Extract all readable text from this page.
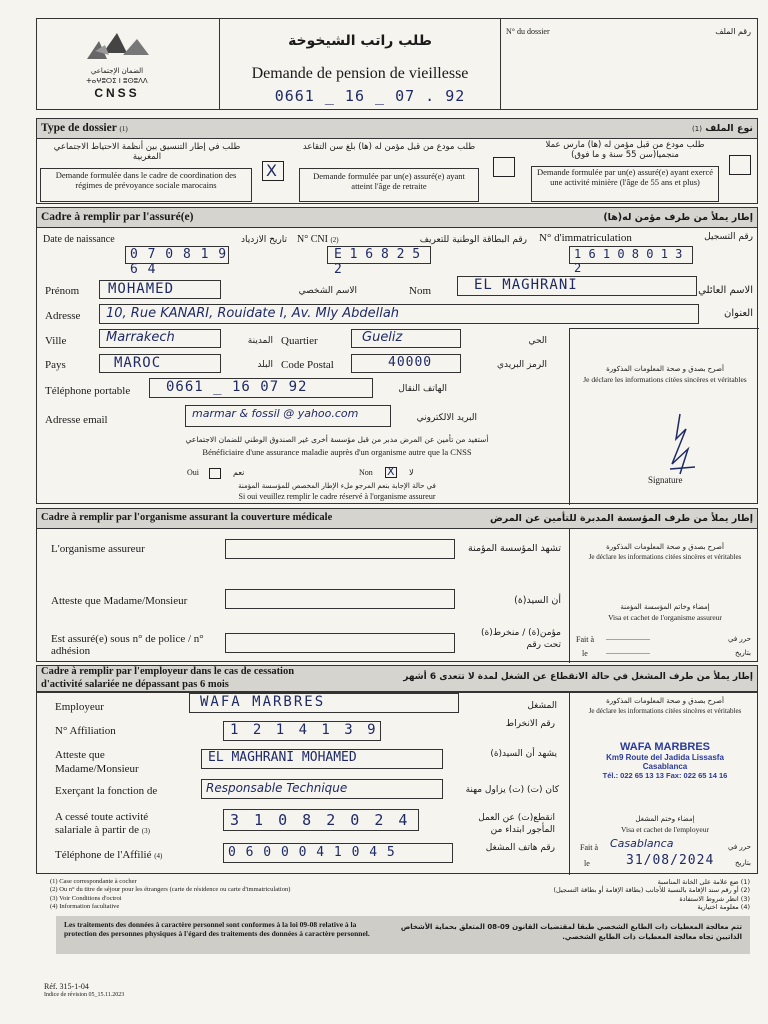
الضمان الإجتماعي
ⵜⴰⵖⵓⵔⵉ ⵏ ⵓⵙⵓⴷⴷ
CNSS
طلب راتب الشيخوخة
Demande de pension de vieillesse
0661 _ 16 _ 07 . 92
N° du dossier	رقم الملف
Type de dossier (1)	نوع الملف (1)
طلب في إطار التنسيق بين أنظمة الاحتياط الاجتماعي المغربية
Demande formulée dans le cadre de coordination des régimes de prévoyance sociale marocains
X
طلب مودع من قبل مؤمن له (ها) بلغ سن التقاعد
Demande formulée par un(e) assuré(e) ayant atteint l'âge de retraite
طلب مودع من قبل مؤمن له (ها) مارس عملا منجميا(سن 55 سنة و ما فوق)
Demande formulée par un(e) assuré(e) ayant exercé une activité minière (l'âge de 55 ans et plus)
Cadre à remplir par l'assuré(e)	إطار يملأ من طرف مؤمن له(ها)
Date de naissance	تاريخ الازدياد
0 7 0 8 1 9 6 4
N° CNI (2)	رقم البطاقة الوطنية للتعريف
E 1 6 8 2 5 2
N° d'immatriculation	رقم التسجيل
1 6 1 0 8 0 1 3 2
Prénom MOHAMED	الاسم الشخصي	Nom	EL MAGHRANI	الاسم العائلي
Adresse 10, Rue KANARI, Rouidate I, Av. Mly Abdellah	العنوان
Ville	Marrakech	المدينة Quartier	Gueliz	الحي
Pays	MAROC	البلد Code Postal	40000	الرمز البريدي
Téléphone portable	0661 _ 16 07 92	الهاتف النقال
Adresse email	marmar & fossil @ yahoo.com	البريد الالكتروني
أستفيد من تأمين عن المرض مدبر من قبل مؤسسة أخرى غير الصندوق الوطني للضمان الاجتماعي
Bénéficiaire d'une assurance maladie auprès d'un organisme autre que la CNSS
Oui	نعم	Non X لا
في حالة الإجابة بنعم المرجو ملء الإطار المخصص للمؤسسة المؤمنة
Si oui veuillez remplir le cadre réservé à l'organisme assureur
أصرح بصدق و صحة المعلومات المذكورة
Je déclare les informations citées sincères et véritables
Signature
Cadre à remplir par l'organisme assurant la couverture médicale	إطار يملأ من طرف المؤسسة المدبرة للتأمين عن المرض
L'organisme assureur	تشهد المؤسسة المؤمنة
Atteste que Madame/Monsieur	أن السيد(ة)
Est assuré(e) sous n° de police / n° adhésion
مؤمن(ة) / منخرط(ة) تحت رقم
أصرح بصدق و صحة المعلومات المذكورة
Je déclare les informations citées sincères et véritables
إمضاء وخاتم المؤسسة المؤمنة
Visa et cachet de l'organisme assureur
Fait à ......................	حرر في
le ......................	بتاريخ
Cadre à remplir par l'employeur dans le cas de cessation
d'activité salariée ne dépassant pas 6 mois
إطار يملأ من طرف المشغل في حالة الانقطاع عن الشغل لمدة لا تتعدى 6 أشهر
Employeur	WAFA MARBRES	المشغل
N° Affiliation	1 2 1 4 1 3 9	رقم الانخراط
Atteste que
Madame/Monsieur
EL MAGHRANI MOHAMED	يشهد أن السيد(ة)
Exerçant la fonction de	Responsable Technique	كان (ت) (ت) يزاول مهنة
A cessé toute activité
salariale à partir de (3)
3 1 0 8 2 0 2 4	انقطع(ت) عن العمل
المأجور ابتداء من
Téléphone de l'Affilié (4)	0 6 0 0 0 4 1 0 4 5	رقم هاتف المشغل
أصرح بصدق و صحة المعلومات المذكورة
Je déclare les informations citées sincères et véritables
WAFA MARBRES
Km9 Route del Jadida Lissasfa
Casablanca
Tél.: 022 65 13 13 Fax: 022 65 14 16
إمضاء وختم المشغل
Visa et cachet de l'employeur
Fait à Casablanca	حرر في
le	31/08/2024	بتاريخ
(1) Case correspondante à cocher
(2) Ou n° du titre de séjour pour les étrangers (carte de résidence ou carte d'immatriculation)
(3) Voir Conditions d'octroi
(4) Information facultative
(1) ضع علامة على الخانة المناسبة
(2) أو رقم سند الإقامة بالنسبة للأجانب (بطاقة الإقامة أو بطاقة التسجيل)
(3) انظر شروط الاستفادة
(4) معلومة اختيارية
Les traitements des données à caractère personnel sont conformes à la loi 09-08 relative à la protection des personnes physiques à l'égard des traitements des données à caractère personnel.
تتم معالجة المعطيات ذات الطابع الشخصي طبقا لمقتضيات القانون 09-08 المتعلق بحماية الأشخاص الذاتيين تجاه معالجة المعطيات ذات الطابع الشخصي.
Réf. 315-1-04
Indice de révision 05_15.11.2023
